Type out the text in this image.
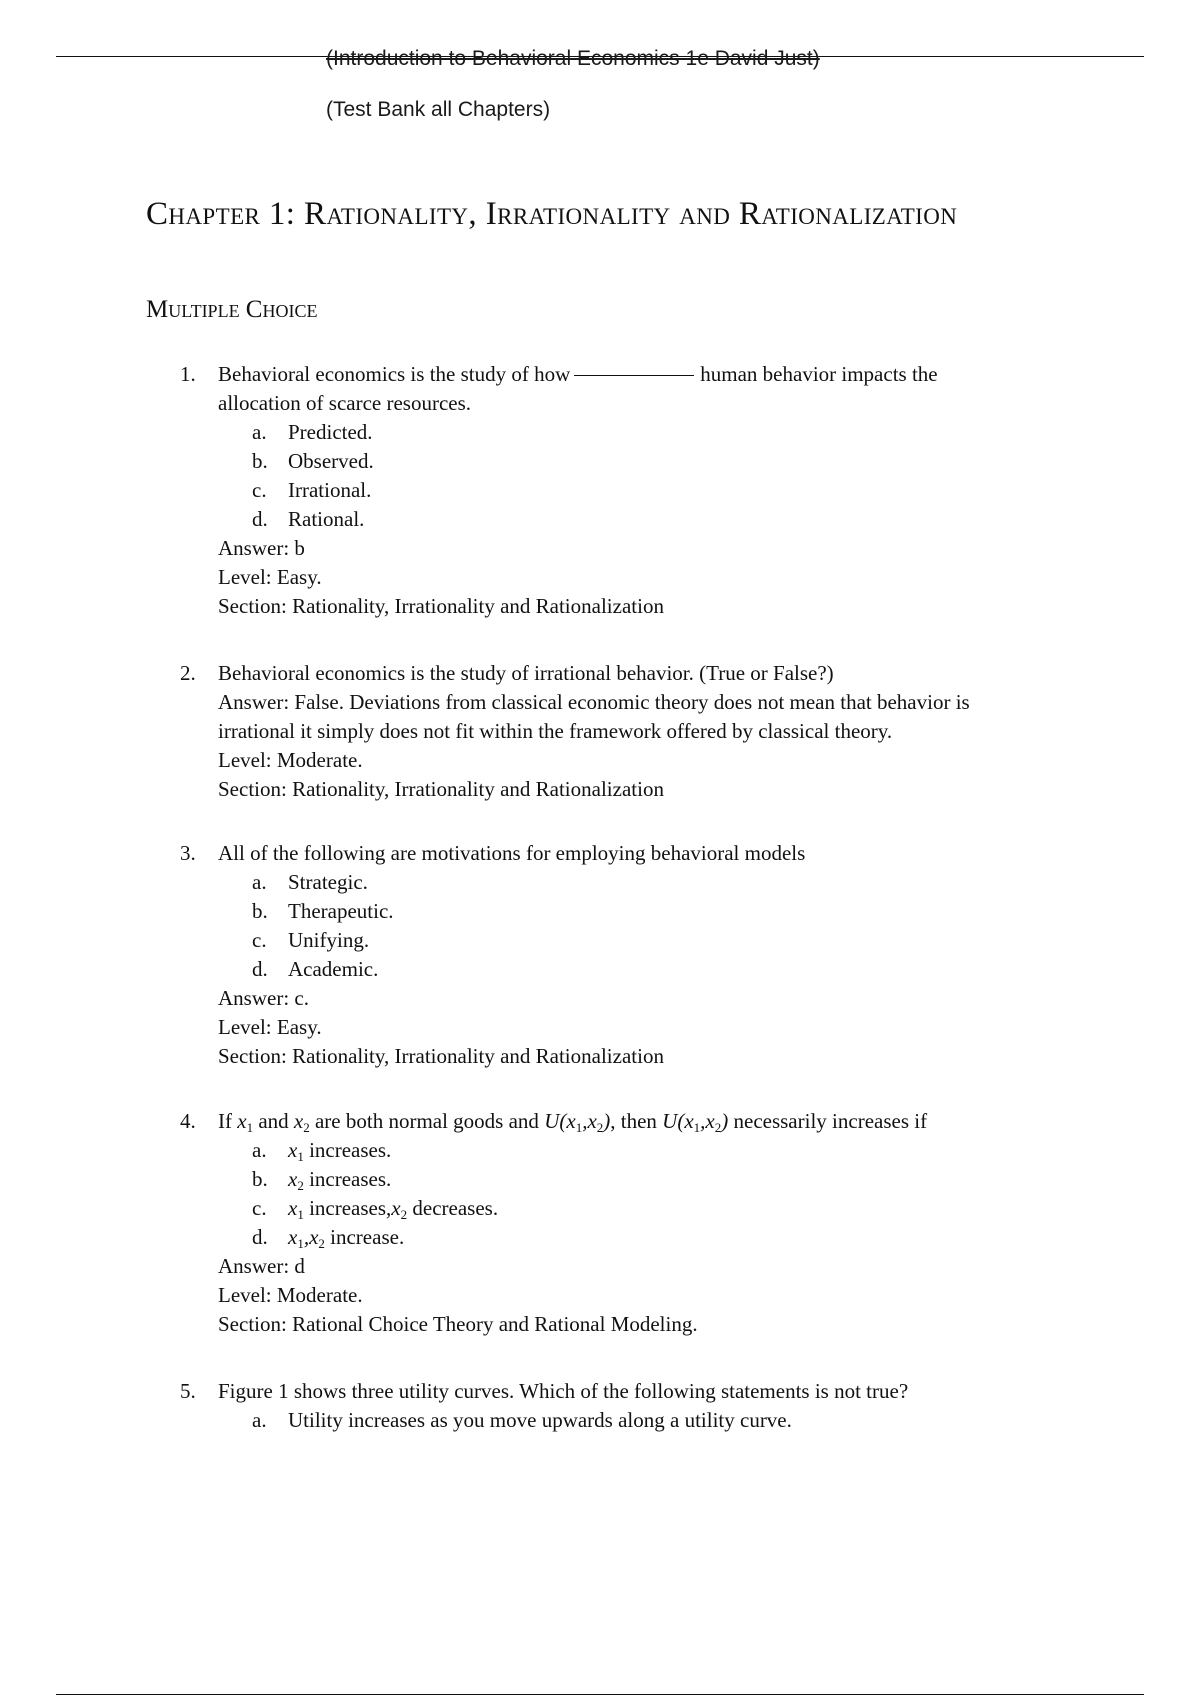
(Introduction to Behavioral Economics 1e David Just)
(Test Bank all Chapters)
Chapter 1: Rationality, Irrationality and Rationalization
Multiple Choice
1.	Behavioral economics is the study of how	human behavior impacts the
allocation of scarce resources.
a. Predicted.
b. Observed.
c. Irrational.
d. Rational.
Answer: b
Level: Easy.
Section: Rationality, Irrationality and Rationalization
2.	Behavioral economics is the study of irrational behavior. (True or False?)
Answer: False. Deviations from classical economic theory does not mean that behavior is
irrational it simply does not fit within the framework offered by classical theory.
Level: Moderate.
Section: Rationality, Irrationality and Rationalization
3.	All of the following are motivations for employing behavioral models
a. Strategic.
b. Therapeutic.
c. Unifying.
d. Academic.
Answer: c.
Level: Easy.
Section: Rationality, Irrationality and Rationalization
4.	If $x_1$ and $x_2$ are both normal goods and $U(x_1,x_2)$, then $U(x_1,x_2)$ necessarily increases if
a. $x_1$ increases.
b. $x_2$ increases.
c. $x_1$ $increases,x_2$ decreases.
d. $x_1,x_2$ increase.
Answer: d
Level: Moderate.
Section: Rational Choice Theory and Rational Modeling.
5.	Figure 1 shows three utility curves. Which of the following statements is not true?
a. Utility increases as you move upwards along a utility curve.
